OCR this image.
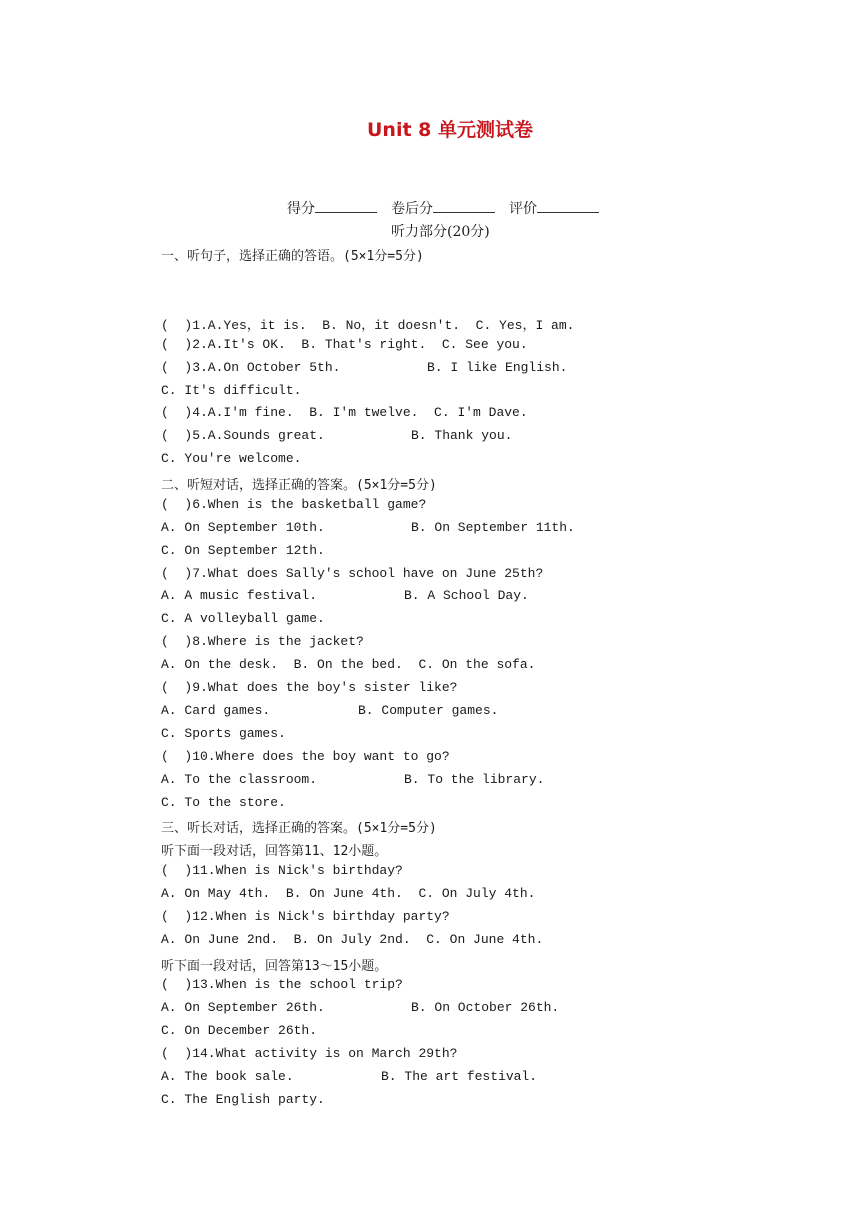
Unit 8 单元测试卷
得分	卷后分	评价
听力部分(20分)
一、听句子，选择正确的答语。(5×1分=5分)
(  )1.A.Yes，it is.  B. No，it doesn't.  C. Yes，I am.
(  )2.A.It's OK.  B. That's right.  C. See you.
(  )3.A.On October 5th.	B. I like English.
C. It's difficult.
(  )4.A.I'm fine.  B. I'm twelve.  C. I'm Dave.
(  )5.A.Sounds great.	B. Thank you.
C. You're welcome.
二、听短对话，选择正确的答案。(5×1分=5分)
(  )6.When is the basketball game?
A. On September 10th.	B. On September 11th.
C. On September 12th.
(  )7.What does Sally's school have on June 25th?
A. A music festival.	B. A School Day.
C. A volleyball game.
(  )8.Where is the jacket?
A. On the desk.  B. On the bed.  C. On the sofa.
(  )9.What does the boy's sister like?
A. Card games.	B. Computer games.
C. Sports games.
(  )10.Where does the boy want to go?
A. To the classroom.	B. To the library.
C. To the store.
三、听长对话，选择正确的答案。(5×1分=5分)
听下面一段对话，回答第11、12小题。
(  )11.When is Nick's birthday?
A. On May 4th.  B. On June 4th.  C. On July 4th.
(  )12.When is Nick's birthday party?
A. On June 2nd.  B. On July 2nd.  C. On June 4th.
听下面一段对话，回答第13～15小题。
(  )13.When is the school trip?
A. On September 26th.	B. On October 26th.
C. On December 26th.
(  )14.What activity is on March 29th?
A. The book sale.	B. The art festival.
C. The English party.
